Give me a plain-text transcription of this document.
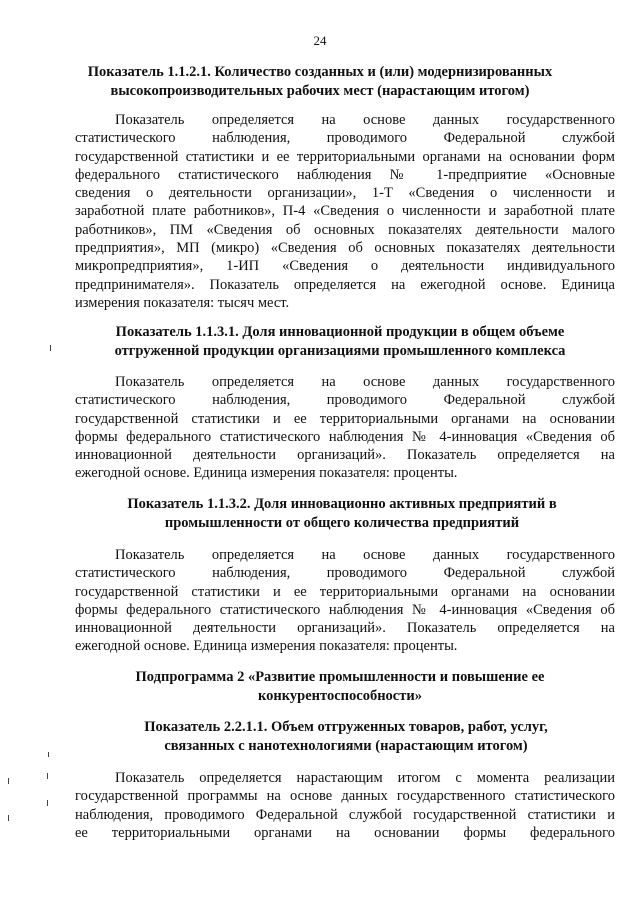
24
Показатель 1.1.2.1. Количество созданных и (или) модернизированных
высокопроизводительных рабочих мест (нарастающим итогом)
Показатель определяется на основе данных государственного
статистического наблюдения, проводимого Федеральной службой
государственной статистики и ее территориальными органами на основании форм
федерального статистического наблюдения № 1-предприятие «Основные
сведения о деятельности организации», 1-Т «Сведения о численности и
заработной плате работников», П-4 «Сведения о численности и заработной плате
работников», ПМ «Сведения об основных показателях деятельности малого
предприятия», МП (микро) «Сведения об основных показателях деятельности
микропредприятия», 1-ИП «Сведения о деятельности индивидуального
предпринимателя». Показатель определяется на ежегодной основе. Единица
измерения показателя: тысяч мест.
Показатель 1.1.3.1. Доля инновационной продукции в общем объеме
отгруженной продукции организациями промышленного комплекса
Показатель определяется на основе данных государственного
статистического наблюдения, проводимого Федеральной службой
государственной статистики и ее территориальными органами на основании
формы федерального статистического наблюдения № 4-инновация «Сведения об
инновационной деятельности организаций». Показатель определяется на
ежегодной основе. Единица измерения показателя: проценты.
Показатель 1.1.3.2. Доля инновационно активных предприятий в
промышленности от общего количества предприятий
Показатель определяется на основе данных государственного
статистического наблюдения, проводимого Федеральной службой
государственной статистики и ее территориальными органами на основании
формы федерального статистического наблюдения № 4-инновация «Сведения об
инновационной деятельности организаций». Показатель определяется на
ежегодной основе. Единица измерения показателя: проценты.
Подпрограмма 2 «Развитие промышленности и повышение ее
конкурентоспособности»
Показатель 2.2.1.1. Объем отгруженных товаров, работ, услуг,
связанных с нанотехнологиями (нарастающим итогом)
Показатель определяется нарастающим итогом с момента реализации
государственной программы на основе данных государственного статистического
наблюдения, проводимого Федеральной службой государственной статистики и
ее территориальными органами на основании формы федерального
